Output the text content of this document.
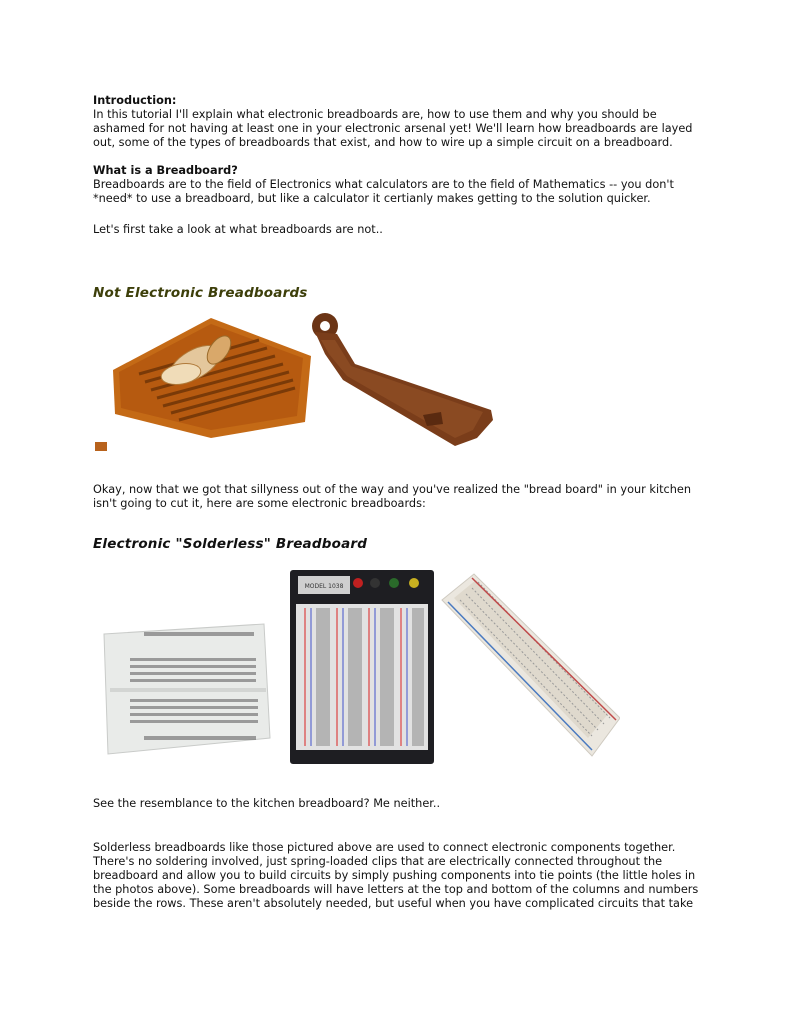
Introduction:
In this tutorial I'll explain what electronic breadboards are, how to use them and why you should be ashamed for not having at least one in your electronic arsenal yet! We'll learn how breadboards are layed out, some of the types of breadboards that exist, and how to wire up a simple circuit on a breadboard.
What is a Breadboard?
Breadboards are to the field of Electronics what calculators are to the field of Mathematics -- you don't *need* to use a breadboard, but like a calculator it certianly makes getting to the solution quicker.
Let's first take a look at what breadboards are not..
Not Electronic Breadboards
Okay, now that we got that sillyness out of the way and you've realized the "bread board" in your kitchen isn't going to cut it, here are some electronic breadboards:
Electronic "Solderless" Breadboard
MODEL 1038
See the resemblance to the kitchen breadboard? Me neither..
Solderless breadboards like those pictured above are used to connect electronic components together. There's no soldering involved, just spring-loaded clips that are electrically connected throughout the breadboard and allow you to build circuits by simply pushing components into tie points (the little holes in the photos above). Some breadboards will have letters at the top and bottom of the columns and numbers beside the rows. These aren't absolutely needed, but useful when you have complicated circuits that take
